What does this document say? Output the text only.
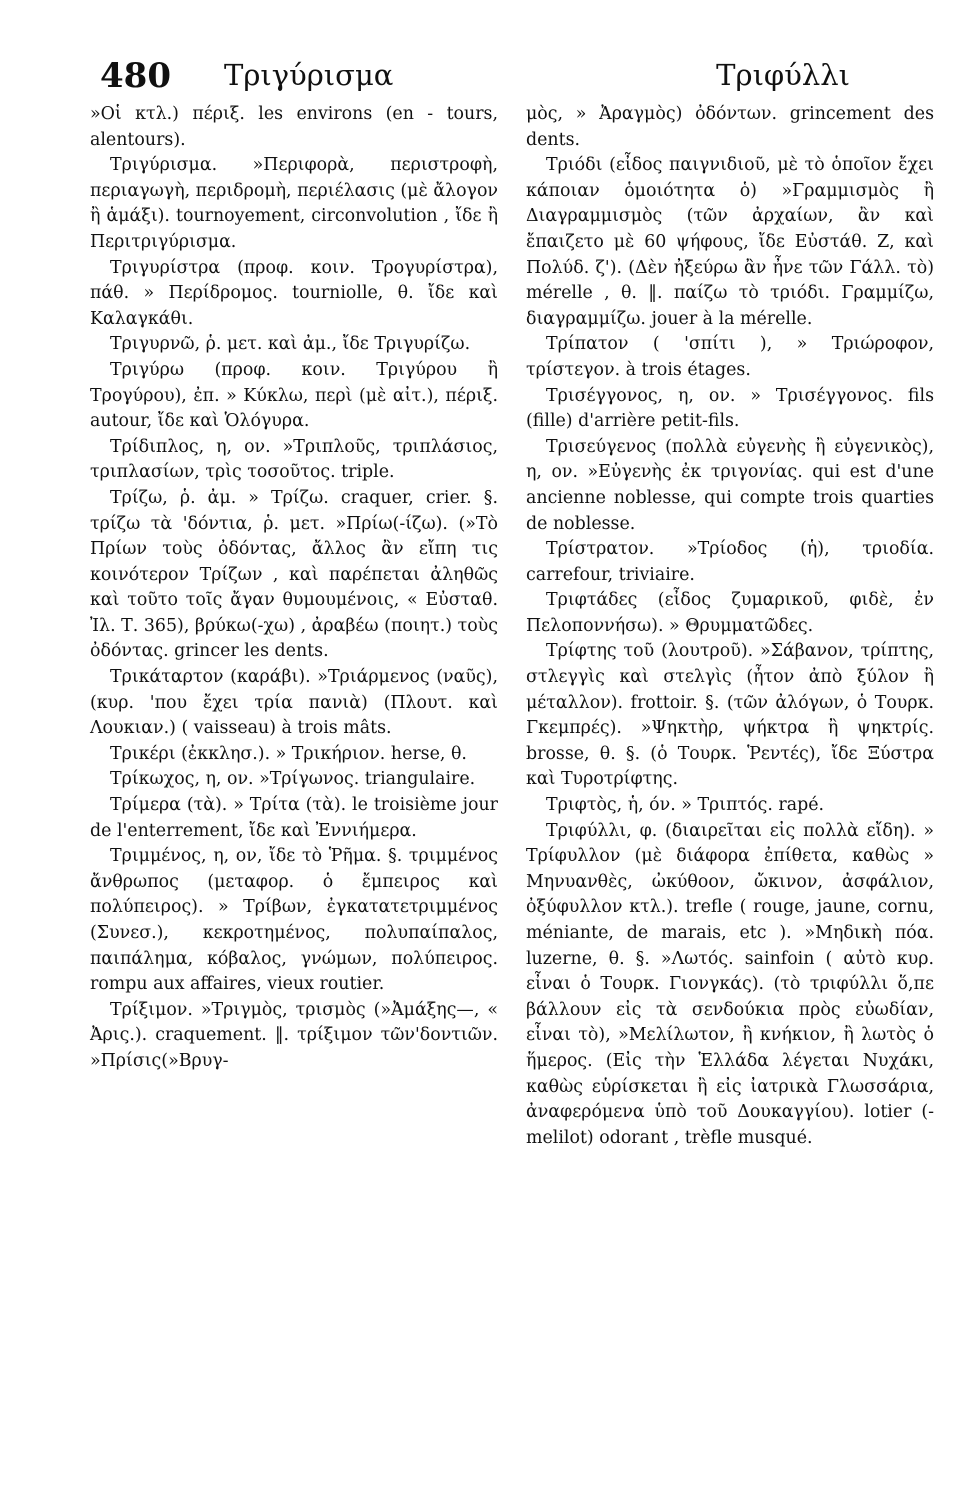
480 Τριγύρισμα	Τριφύλλι

»Οἱ κτλ.) πέριξ. les environs (en - tours, alentours).

Τριγύρισμα. »Περιφορὰ, περιστροφὴ, περιαγωγὴ, περιδρομὴ, περιέλασις (μὲ ἄλογον ἢ ἁμάξι). tournoyement, circonvolution , ἴδε ἢ Περιτριγύρισμα.

Τριγυρίστρα (προφ. κοιν. Τρογυρίστρα), πάθ. » Περίδρομος. tourniolle, θ. ἴδε καὶ Καλαγκάθι.

Τριγυρνῶ, ῥ. μετ. καὶ ἀμ., ἴδε Τριγυρίζω.

Τριγύρω (προφ. κοιν. Τριγύρου ἢ Τρογύρου), ἐπ. » Κύκλω, περὶ (μὲ αἰτ.), πέριξ. autour, ἴδε καὶ Ὁλόγυρα.

Τρίδιπλος, η, ον. »Τριπλοῦς, τριπλάσιος, τριπλασίων, τρὶς τοσοῦτος. triple.

Τρίζω, ῥ. ἀμ. » Τρίζω. craquer, crier. §. τρίζω τὰ 'δόντια, ῥ. μετ. »Πρίω(-ίζω). (»Τὸ Πρίων τοὺς ὀδόντας, ἄλλος ἂν εἴπη τις κοινότερον Τρίζων , καὶ παρέπεται ἀληθῶς καὶ τοῦτο τοῖς ἄγαν θυμουμένοις, « Εὐσταθ. Ἰλ. Τ. 365), βρύκω(-χω) , ἀραβέω (ποιητ.) τοὺς ὀδόντας. grincer les dents.

Τρικάταρτον (καράβι). »Τριάρμενος (ναῦς), (κυρ. 'που ἔχει τρία πανιὰ) (Πλουτ. καὶ Λουκιαν.) ( vaisseau) à trois mâts.

Τρικέρι (ἐκκλησ.). » Τρικήριον. herse, θ.

Τρίκωχος, η, ον. »Τρίγωνος. triangulaire.

Τρίμερα (τὰ). » Τρίτα (τὰ). le troisième jour de l'enterrement, ἴδε καὶ Ἐννιήμερα.

Τριμμένος, η, ον, ἴδε τὸ Ῥῆμα. §. τριμμένος ἄνθρωπος (μεταφορ. ὁ ἔμπειρος καὶ πολύπειρος). » Τρίβων, ἐγκατατετριμμένος (Συνεσ.), κεκροτημένος, πολυπαίπαλος, παιπάλημα, κόβαλος, γνώμων, πολύπειρος. rompu aux affaires, vieux routier.

Τρίξιμον. »Τριγμὸς, τρισμὸς (»Ἀμάξης—, « Ἀρις.). craquement. ‖. τρίξιμον τῶν'δοντιῶν. »Πρίσις(»Βρυγ-

μὸς, » Ἀραγμὸς) ὀδόντων. grincement des dents.

Τριόδι (εἶδος παιγνιδιοῦ, μὲ τὸ ὁποῖον ἔχει κάποιαν ὁμοιότητα ὁ) »Γραμμισμὸς ἢ Διαγραμμισμὸς (τῶν ἀρχαίων, ἂν καὶ ἔπαιζετο μὲ 60 ψήφους, ἴδε Εὐστάθ. Ζ, καὶ Πολύδ. ζ'). (Δὲν ἠξεύρω ἂν ἦνε τῶν Γάλλ. τὸ) mérelle , θ. ‖. παίζω τὸ τριόδι. Γραμμίζω, διαγραμμίζω. jouer à la mérelle.

Τρίπατον ( 'σπίτι ), » Τριώροφον, τρίστεγον. à trois étages.

Τρισέγγονος, η, ον. » Τρισέγγονος. fils (fille) d'arrière petit-fils.

Τρισεύγενος (πολλὰ εὐγενὴς ἢ εὐγενικὸς), η, ον. »Εὐγενὴς ἐκ τριγονίας. qui est d'une ancienne noblesse, qui compte trois quarties de noblesse.

Τρίστρατον. »Τρίοδος (ἡ), τριοδία. carrefour, triviaire.

Τριφτάδες (εἶδος ζυμαρικοῦ, φιδὲ, ἐν Πελοποννήσω). » Θρυμματῶδες.

Τρίφτης τοῦ (λουτροῦ). »Σάβανον, τρίπτης, στλεγγὶς καὶ στελγὶς (ἦτον ἀπὸ ξύλον ἢ μέταλλον). frottoir. §. (τῶν ἀλόγων, ὁ Τουρκ. Γκεμπρές). »Ψηκτὴρ, ψήκτρα ἢ ψηκτρίς. brosse, θ. §. (ὁ Τουρκ. Ῥεντές), ἴδε Ξύστρα καὶ Τυροτρίφτης.

Τριφτὸς, ἡ, όν. » Τριπτός. rapé.

Τριφύλλι, φ. (διαιρεῖται εἰς πολλὰ εἴδη). » Τρίφυλλον (μὲ διάφορα ἐπίθετα, καθὼς » Μηνυανθὲς, ὠκύθοον, ὤκινον, ἀσφάλιον, ὀξύφυλλον κτλ.). trefle ( rouge, jaune, cornu, méniante, de marais, etc ). »Μηδικὴ πόα. luzerne, θ. §. »Λωτός. sainfoin ( αὐτὸ κυρ. εἶναι ὁ Τουρκ. Γιονγκάς). (τὸ τριφύλλι ὅ,πε βάλλουν εἰς τὰ σενδούκια πρὸς εὐωδίαν, εἶναι τὸ), »Μελίλωτον, ἢ κνήκιον, ἢ λωτὸς ὁ ἥμερος. (Εἰς τὴν Ἑλλάδα λέγεται Νυχάκι, καθὼς εὑρίσκεται ἢ εἰς ἰατρικὰ Γλωσσάρια, ἀναφερόμενα ὑπὸ τοῦ Δουκαγγίου). lotier (-melilot) odorant , trèfle musqué.
